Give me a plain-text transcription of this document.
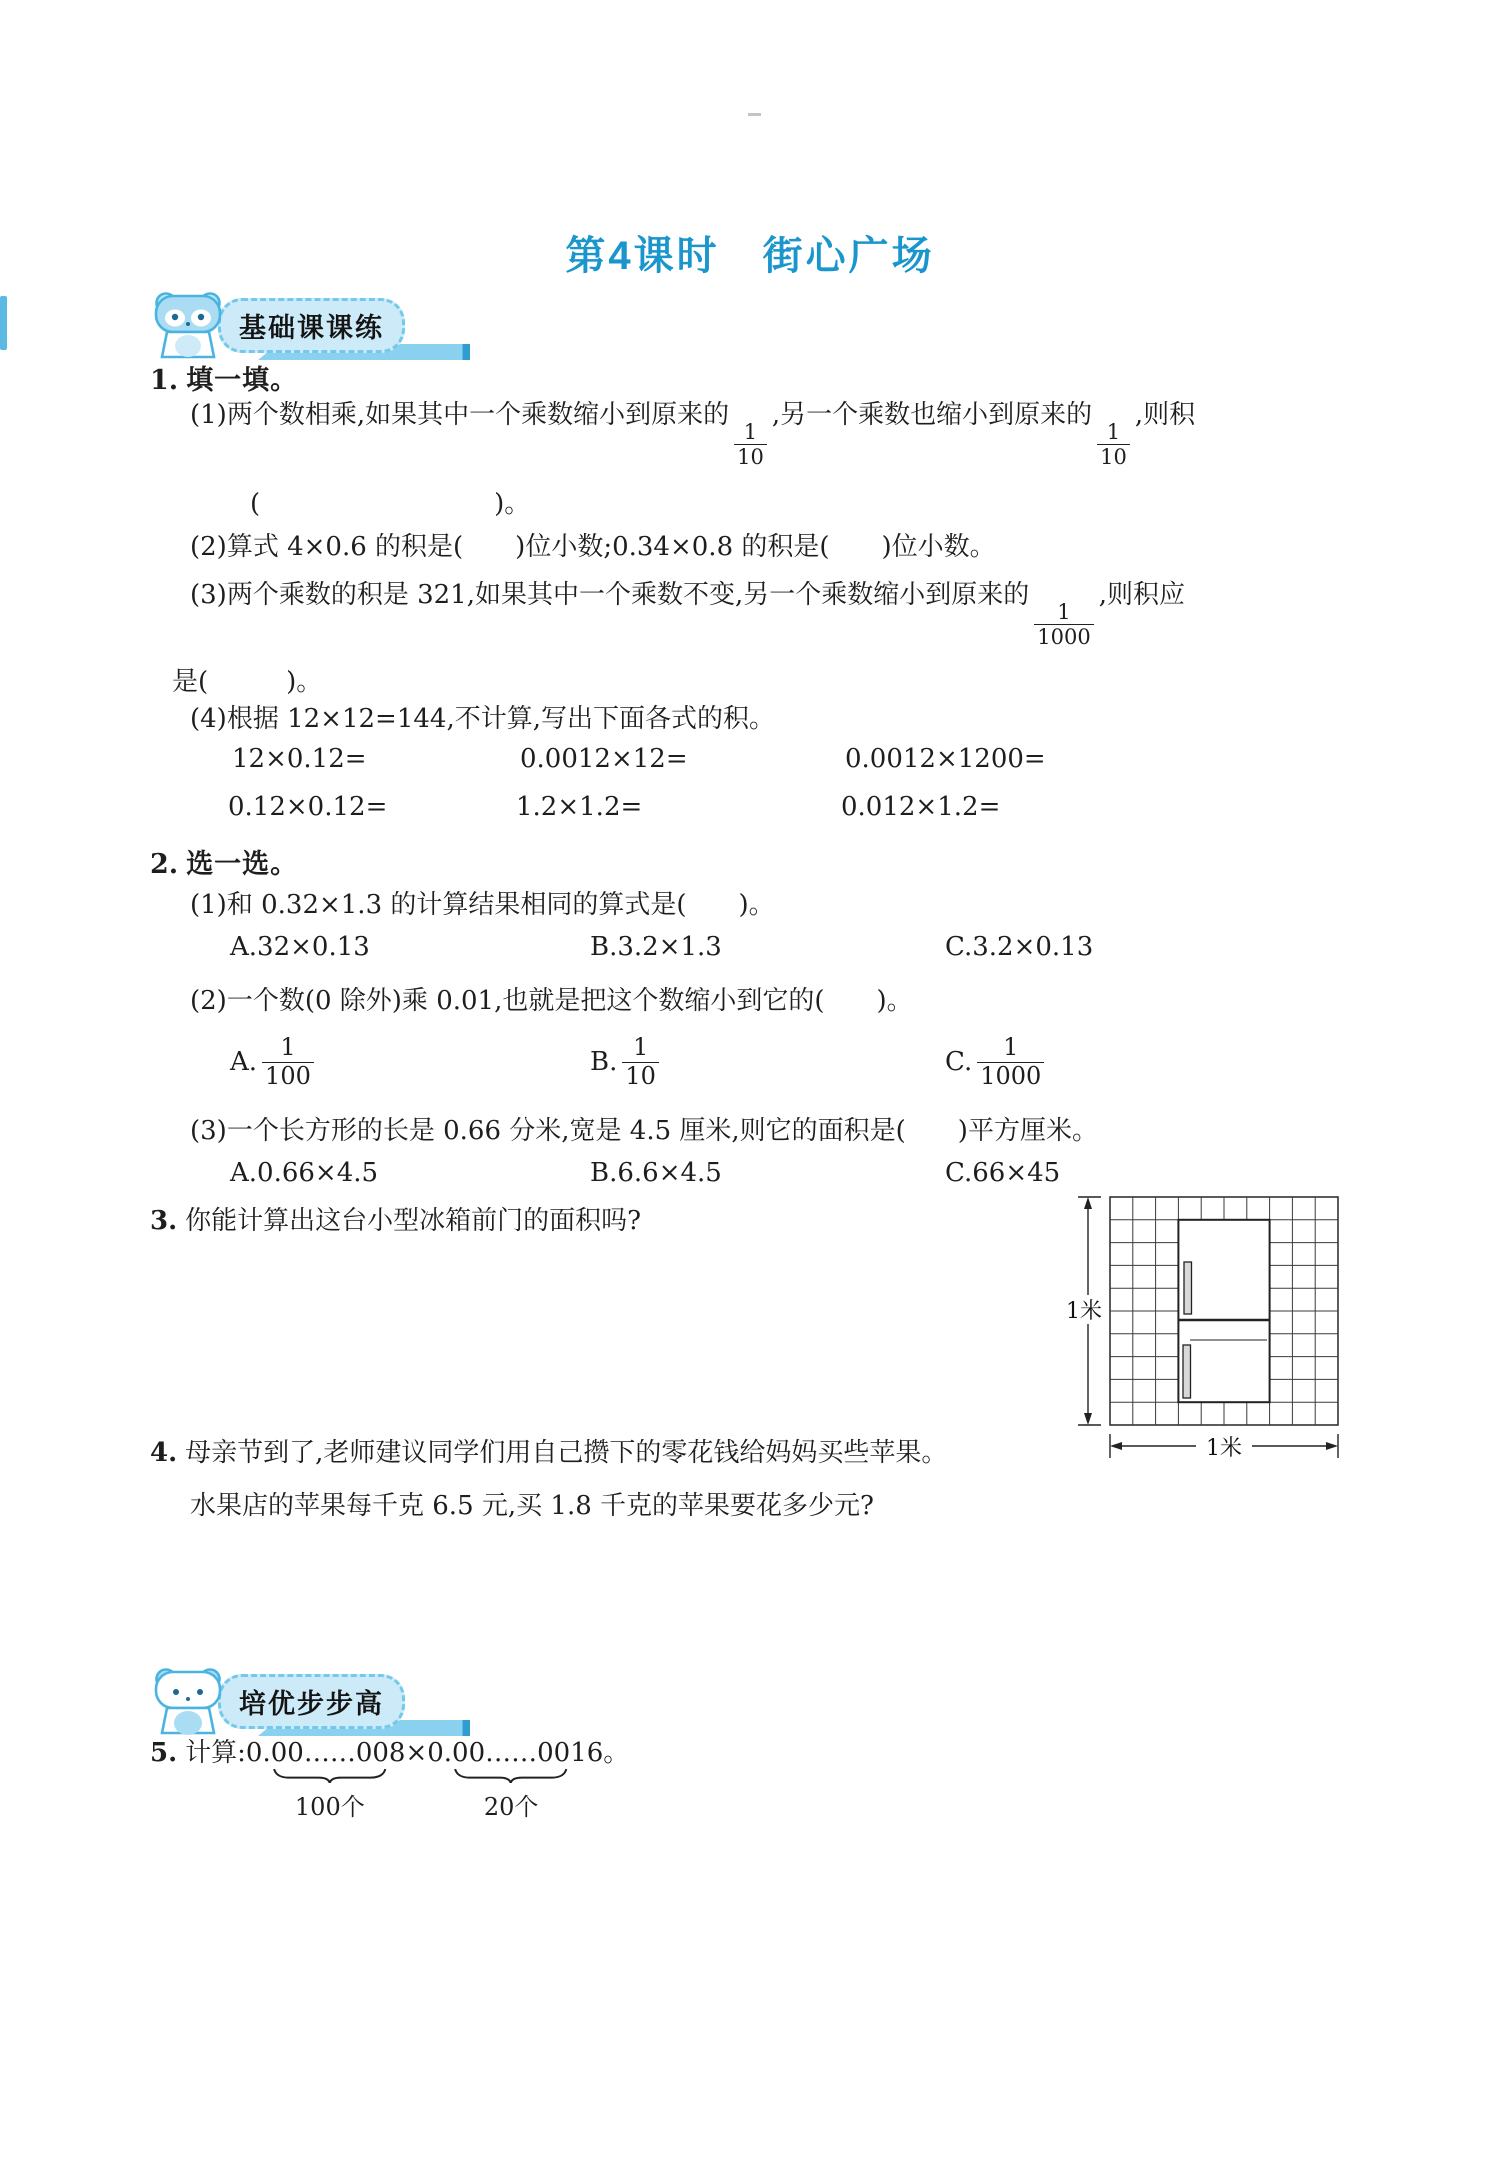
第4课时　街心广场
基础课课练
1. 填一填。
(1)两个数相乘,如果其中一个乘数缩小到原来的
$\frac{1}{10}$
,另一个乘数也缩小到原来的
$\frac{1}{10}$
,则积
(　　　　　　　　　)。
(2)算式 4×0.6 的积是(　　)位小数;0.34×0.8 的积是(　　)位小数。
(3)两个乘数的积是 321,如果其中一个乘数不变,另一个乘数缩小到原来的
$\frac{1}{1000}$
,则积应
是(　　　)。
(4)根据 12×12=144,不计算,写出下面各式的积。
12×0.12=	0.0012×12=	0.0012×1200=
0.12×0.12=	1.2×1.2=	0.012×1.2=
2. 选一选。
(1)和 0.32×1.3 的计算结果相同的算式是(　　)。
A.32×0.13	B.3.2×1.3	C.3.2×0.13
(2)一个数(0 除外)乘 0.01,也就是把这个数缩小到它的(　　)。
A. $\frac{1}{100}$	B. $\frac{1}{10}$	C. $\frac{1}{1000}$
(3)一个长方形的长是 0.66 分米,宽是 4.5 厘米,则它的面积是(　　)平方厘米。
A.0.66×4.5	B.6.6×4.5	C.66×45
3. 你能计算出这台小型冰箱前门的面积吗?
1米
1米
4. 母亲节到了,老师建议同学们用自己攒下的零花钱给妈妈买些苹果。
水果店的苹果每千克 6.5 元,买 1.8 千克的苹果要花多少元?
培优步步高
5. 计算:0. 00……00
100个
8×0. 00……00
20个
16。
